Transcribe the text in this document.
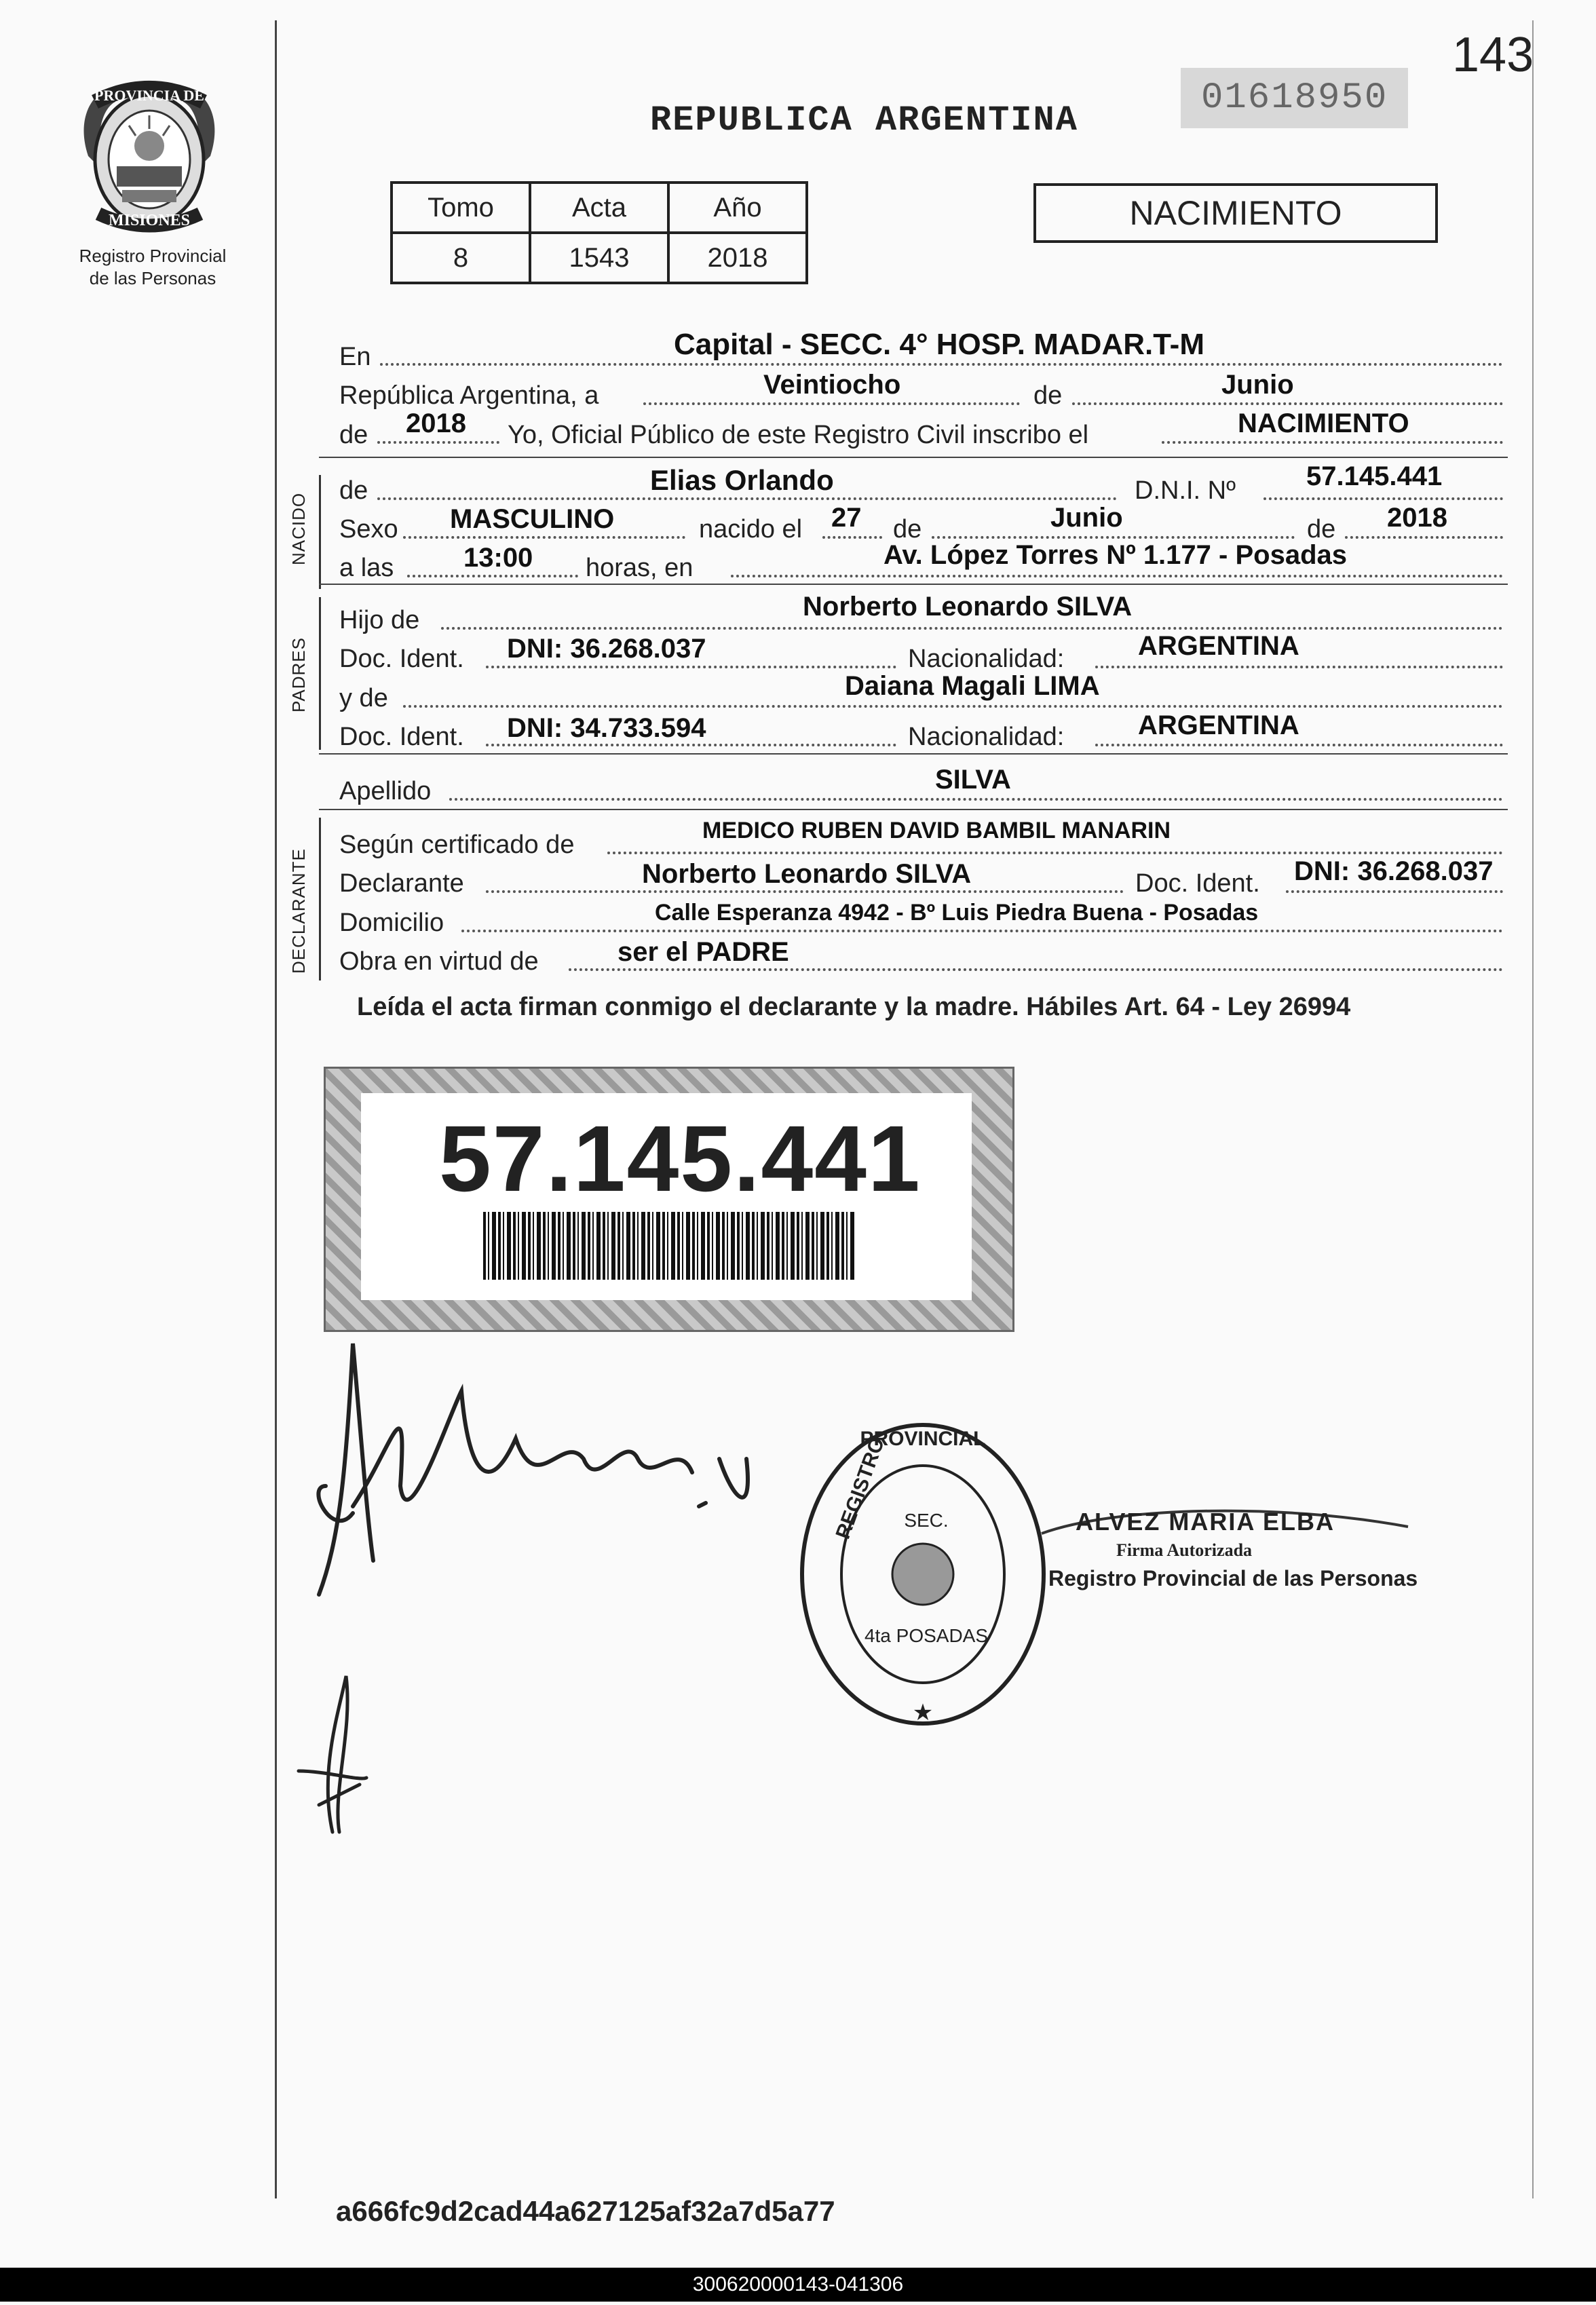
143
PROVINCIA DE
MISIONES
Registro Provincial
de las Personas
REPUBLICA ARGENTINA
01618950
Tomo	Acta	Año
8	1543	2018
NACIMIENTO
En	Capital - SECC. 4° HOSP. MADAR.T-M
República Argentina, a	Veintiocho	de	Junio
de 2018 Yo, Oficial Público de este Registro Civil inscribo el	NACIMIENTO
NACIDO
de	Elias Orlando	D.N.I. Nº	57.145.441
Sexo MASCULINO	nacido el 27 de	Junio	de 2018
a las	13:00 horas, en	Av. López Torres Nº 1.177 - Posadas
PADRES
Hijo de	Norberto Leonardo SILVA
Doc. Ident. DNI: 36.268.037	Nacionalidad:	ARGENTINA
y de	Daiana Magali LIMA
Doc. Ident. DNI: 34.733.594	Nacionalidad:	ARGENTINA
Apellido	SILVA
DECLARANTE
Según certificado de	MEDICO RUBEN DAVID BAMBIL MANARIN
Declarante	Norberto Leonardo SILVA	Doc. Ident. DNI: 36.268.037
Domicilio	Calle Esperanza 4942 - Bº Luis Piedra Buena - Posadas
Obra en virtud de	ser el PADRE
Leída el acta firman conmigo el declarante y la madre. Hábiles Art. 64 - Ley 26994
57.145.441
PROVINCIAL
REGISTRO SEC.
4ta POSADAS
★
ALVEZ MARIA ELBA
Firma Autorizada
Registro Provincial de las Personas
a666fc9d2cad44a627125af32a7d5a77
300620000143-041306
